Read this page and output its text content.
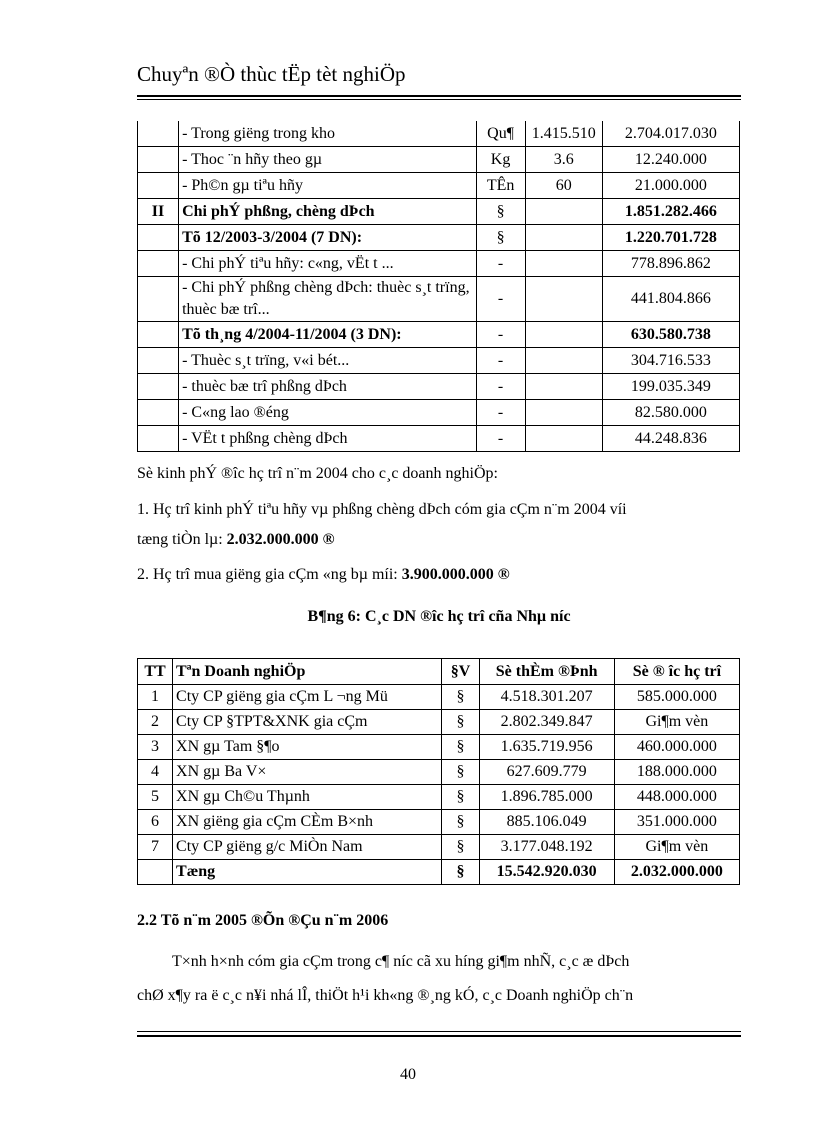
Chuyªn ®Ò thùc tËp tèt nghiÖp
	- Trong giëng trong kho	Qu¶	1.415.510	2.704.017.030
	- Thoc ¨n hñy theo gµ	Kg	3.6	12.240.000
	- Ph©n gµ tiªu hñy	TÊn	60	21.000.000
II	Chi phÝ phßng, chèng dÞch	§		1.851.282.466
	Tõ 12/2003-3/2004 (7 DN):	§		1.220.701.728
	- Chi phÝ tiªu hñy: c«ng, vËt t ...	-		778.896.862
	- Chi phÝ phßng chèng dÞch: thuèc s¸t trïng, thuèc bæ trî...	-		441.804.866
	Tõ th¸ng 4/2004-11/2004 (3 DN):	-		630.580.738
	- Thuèc s¸t trïng, v«i bét...	-		304.716.533
	- thuèc bæ trî phßng dÞch	-		199.035.349
	- C«ng lao ®éng	-		82.580.000
	- VËt t phßng chèng dÞch	-		44.248.836
Sè kinh phÝ ®îc hç trî n¨m 2004 cho c¸c doanh nghiÖp:
1. Hç trî kinh phÝ tiªu hñy vµ phßng chèng dÞch cóm gia cÇm n¨m 2004 víi
tæng tiÒn lµ: 2.032.000.000 ®
2. Hç trî mua giëng gia cÇm «ng bµ míi: 3.900.000.000 ®
B¶ng 6: C¸c DN ®îc hç trî cña Nhµ níc
TT	Tªn Doanh nghiÖp	§V	Sè thÈm ®Þnh	Sè ® îc hç trî
1	Cty CP giëng gia cÇm L ¬ng Mü	§	4.518.301.207	585.000.000
2	Cty CP §TPT&XNK gia cÇm	§	2.802.349.847	Gi¶m vèn
3	XN gµ Tam §¶o	§	1.635.719.956	460.000.000
4	XN gµ Ba V×	§	627.609.779	188.000.000
5	XN gµ Ch©u Thµnh	§	1.896.785.000	448.000.000
6	XN giëng gia cÇm CÈm B×nh	§	885.106.049	351.000.000
7	Cty CP giëng g/c MiÒn Nam	§	3.177.048.192	Gi¶m vèn
	Tæng	§	15.542.920.030	2.032.000.000
2.2 Tõ n¨m 2005 ®Õn ®Çu n¨m 2006
T×nh h×nh cóm gia cÇm trong c¶ níc cã xu híng gi¶m nhÑ, c¸c æ dÞch
chØ x¶y ra ë c¸c n¥i nhá lÎ, thiÖt h¹i kh«ng ®¸ng kÓ, c¸c Doanh nghiÖp ch¨n
40
